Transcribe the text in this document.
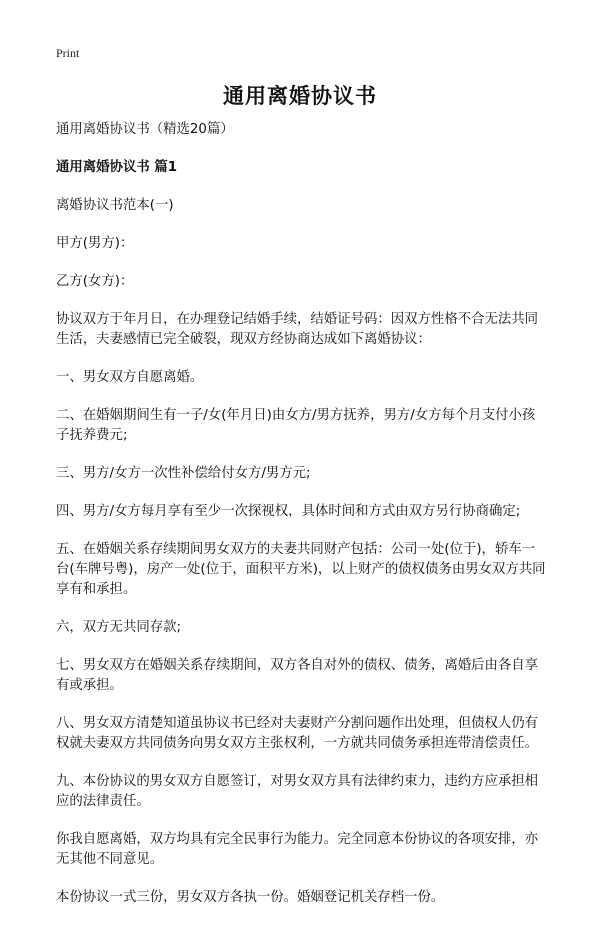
Print
通用离婚协议书

通用离婚协议书（精选20篇）

通用离婚协议书 篇1

离婚协议书范本(一)

甲方(男方)：

乙方(女方)：

协议双方于年月日，在办理登记结婚手续，结婚证号码：因双方性格不合无法共同生活，夫妻感情已完全破裂，现双方经协商达成如下离婚协议：

一、男女双方自愿离婚。

二、在婚姻期间生有一子/女(年月日)由女方/男方抚养，男方/女方每个月支付小孩子抚养费元;

三、男方/女方一次性补偿给付女方/男方元;

四、男方/女方每月享有至少一次探视权，具体时间和方式由双方另行协商确定;

五、在婚姻关系存续期间男女双方的夫妻共同财产包括：公司一处(位于)，轿车一台(车牌号粤)，房产一处(位于，面积平方米)，以上财产的债权债务由男女双方共同享有和承担。

六，双方无共同存款;

七、男女双方在婚姻关系存续期间，双方各自对外的债权、债务，离婚后由各自享有或承担。

八、男女双方清楚知道虽协议书已经对夫妻财产分割问题作出处理，但债权人仍有权就夫妻双方共同债务向男女双方主张权利，一方就共同债务承担连带清偿责任。

九、本份协议的男女双方自愿签订，对男女双方具有法律约束力，违约方应承担相应的法律责任。

你我自愿离婚，双方均具有完全民事行为能力。完全同意本份协议的各项安排，亦无其他不同意见。

本份协议一式三份，男女双方各执一份。婚姻登记机关存档一份。
